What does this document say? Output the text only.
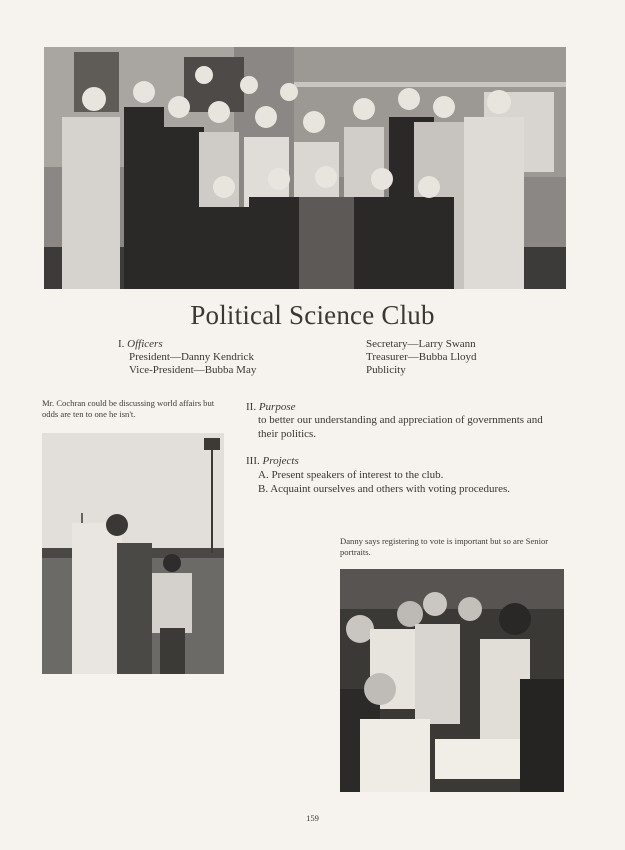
Political Science Club
I. Officers
President—Danny Kendrick
Vice-President—Bubba May
Secretary—Larry Swann
Treasurer—Bubba Lloyd
Publicity
Mr. Cochran could be discussing world affairs but odds are ten to one he isn't.
II. Purpose
to better our understanding and appreciation of governments and
their politics.
III. Projects
A. Present speakers of interest to the club.
B. Acquaint ourselves and others with voting procedures.
Danny says registering to vote is important but so are Senior portraits.
159
